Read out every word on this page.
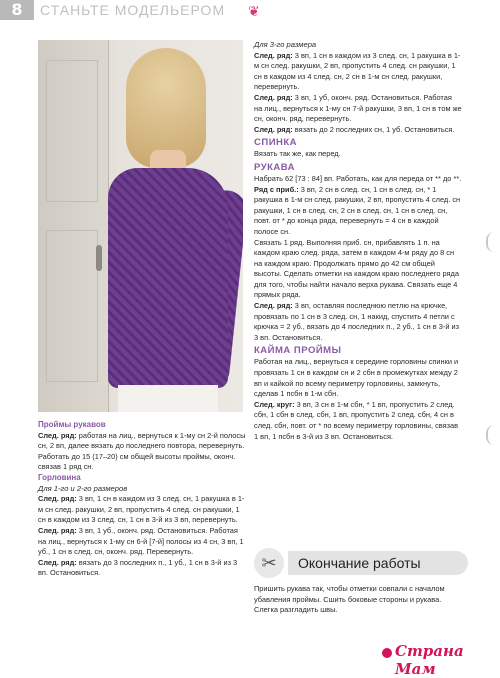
8	СТАНЬТЕ МОДЕЛЬЕРОМ ❦
Проймы рукавов

След. ряд: работая на лиц., вернуться к 1-му сн 2-й полосы сн, 2 вп, далее вязать до последнего повтора, перевернуть. Работать до 15 (17–20) см общей высоты проймы, оконч. связав 1 ряд сн.

Горловина
Для 1-го и 2-го размеров

След. ряд: 3 вп, 1 сн в каждом из 3 след. сн, 1 ракушка в 1-м сн след. ракушки, 2 вп, пропустить 4 след. сн ракушки, 1 сн в каждом из 3 след. сн, 1 сн в 3-й из 3 вп, перевернуть.

След. ряд: 3 вп, 1 уб., оконч. ряд. Остановиться. Работая на лиц., вернуться к 1-му сн 6-й [7-й] полосы из 4 сн, 3 вп, 1 уб., 1 сн в след. сн, оконч. ряд. Перевернуть.

След. ряд: вязать до 3 последних п., 1 уб., 1 сн в 3-й из 3 вп. Остановиться.

Для 3-го размера

След. ряд: 3 вп, 1 сн в каждом из 3 след. сн, 1 ракушка в 1-м сн след. ракушки, 2 вп, пропустить 4 след. сн ракушки, 1 сн в каждом из 4 след. сн, 2 сн в 1-м сн след. ракушки, перевернуть.

След. ряд: 3 вп, 1 уб, оконч. ряд. Остановиться. Работая на лиц., вернуться к 1-му сн 7-й ракушки, 3 вп, 1 сн в том же сн, оконч. ряд, перевернуть.

След. ряд: вязать до 2 последних сн, 1 уб. Остановиться.

СПИНКА

Вязать так же, как перед.

РУКАВА

Набрать 62 [73 : 84] вп. Работать, как для переда от ** до **.

Ряд с приб.: 3 вп, 2 сн в след. сн, 1 сн в след. сн, * 1 ракушка в 1-м сн след. ракушки, 2 вп, пропустить 4 след. сн ракушки, 1 сн в след. сн, 2 сн в след. сн, 1 сн в след. сн, повт. от * до конца ряда, перевернуть = 4 сн в каждой полосе сн.

Связать 1 ряд. Выполняя приб. сн, прибавлять 1 п. на каждом краю след. ряда, затем в каждом 4-м ряду до 8 сн на каждом краю. Продолжать прямо до 42 см общей высоты. Сделать отметки на каждом краю последнего ряда для того, чтобы найти начало верха рукава. Связать еще 4 прямых ряда.

След. ряд: 3 вп, оставляя последнюю петлю на крючке, провязать по 1 сн в 3 след. сн, 1 накид, спустить 4 петли с крючка = 2 уб., вязать до 4 последних п., 2 уб., 1 сн в 3-й из 3 вп. Остановиться.

КАЙМА ПРОЙМЫ

Работая на лиц., вернуться к середине горловины спинки и провязать 1 сн в каждом сн и 2 сбн в промежутках между 2 вп и кайкой по всему периметру горловины, замкнуть, сделав 1 псбн в 1-м сбн.

След. круг: 3 вп, 3 сн в 1-м сбн, * 1 вп, пропустить 2 след. сбн, 1 сбн в след. сбн, 1 вп, пропустить 2 след. сбн, 4 сн в след. сбн, повт. от * по всему периметру горловины, связав 1 вп, 1 псбн в 3-й из 3 вп. Остановиться.

✂	Окончание работы

Пришить рукава так, чтобы отметки совпали с началом убавления проймы. Сшить боковые стороны и рукава. Слегка разгладить швы.

Страна Мам
